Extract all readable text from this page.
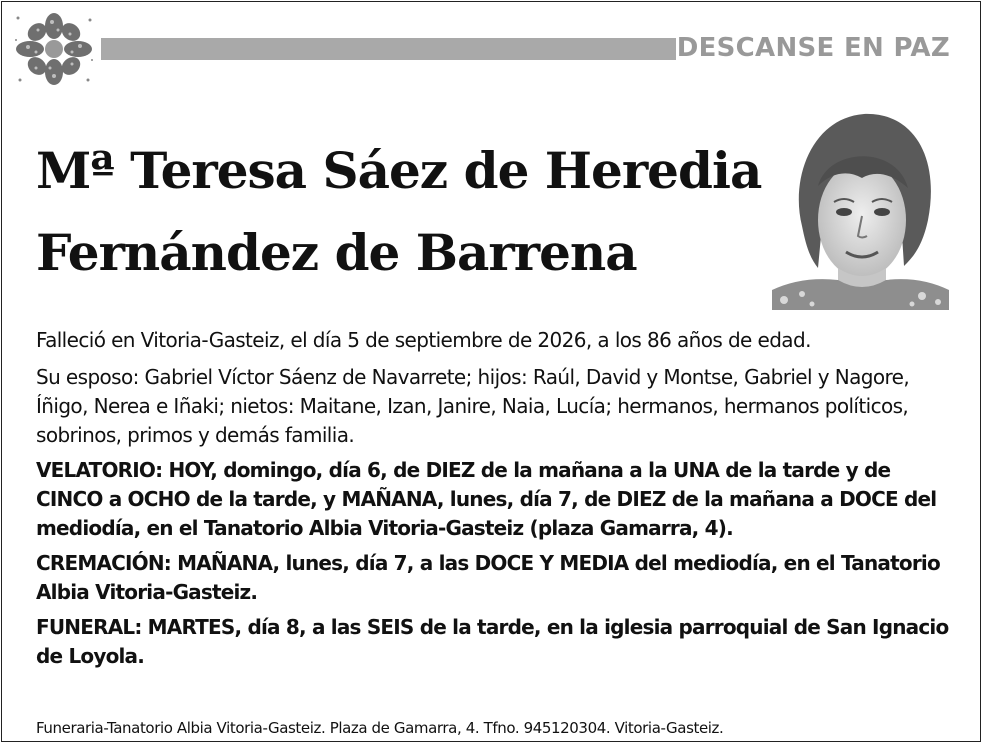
DESCANSE EN PAZ
Mª Teresa Sáez de Heredia
Fernández de Barrena

Falleció en Vitoria-Gasteiz, el día 5 de septiembre de 2026, a los 86 años de edad.

Su esposo: Gabriel Víctor Sáenz de Navarrete; hijos: Raúl, David y Montse, Gabriel y Nagore, Íñigo, Nerea e Iñaki; nietos: Maitane, Izan, Janire, Naia, Lucía; hermanos, hermanos políticos, sobrinos, primos y demás familia.

VELATORIO: HOY, domingo, día 6, de DIEZ de la mañana a la UNA de la tarde y de CINCO a OCHO de la tarde, y MAÑANA, lunes, día 7, de DIEZ de la mañana a DOCE del mediodía, en el Tanatorio Albia Vitoria-Gasteiz (plaza Gamarra, 4).

CREMACIÓN: MAÑANA, lunes, día 7, a las DOCE Y MEDIA del mediodía, en el Tanatorio Albia Vitoria-Gasteiz.

FUNERAL: MARTES, día 8, a las SEIS de la tarde, en la iglesia parroquial de San Ignacio de Loyola.

Funeraria-Tanatorio Albia Vitoria-Gasteiz. Plaza de Gamarra, 4. Tfno. 945120304. Vitoria-Gasteiz.
